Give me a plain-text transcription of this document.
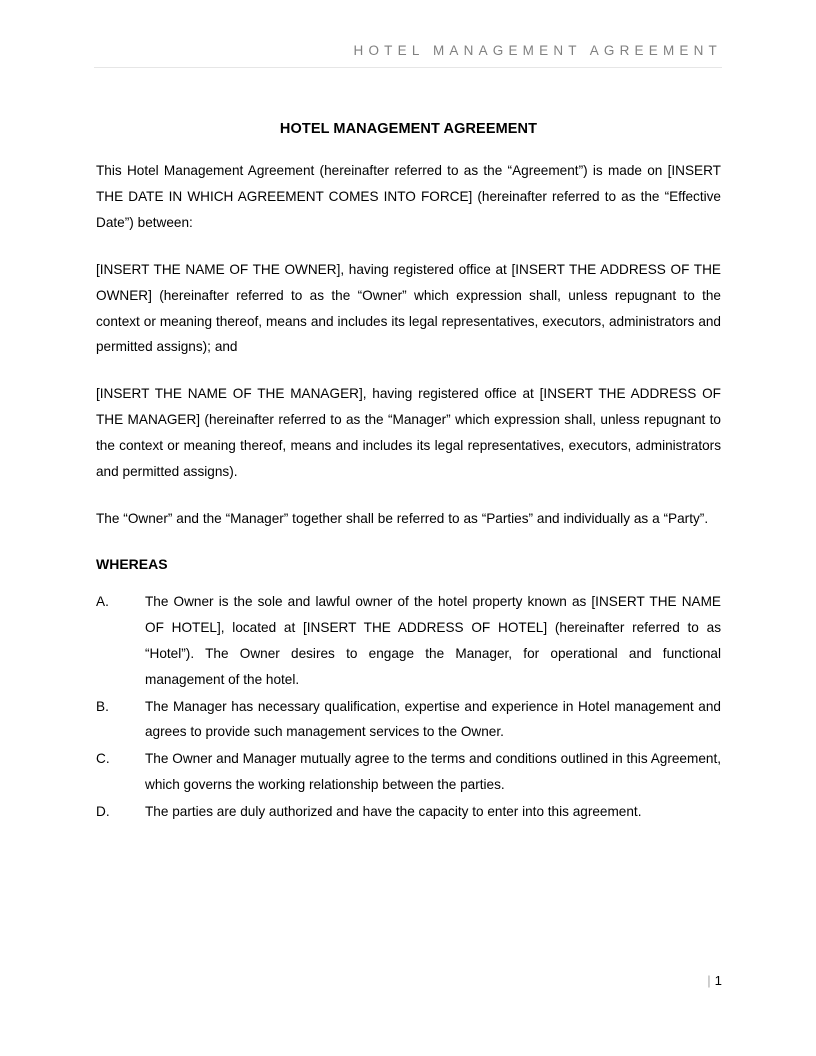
HOTEL MANAGEMENT AGREEMENT
HOTEL MANAGEMENT AGREEMENT

This Hotel Management Agreement (hereinafter referred to as the “Agreement”) is made on [INSERT THE DATE IN WHICH AGREEMENT COMES INTO FORCE] (hereinafter referred to as the “Effective Date”) between:

[INSERT THE NAME OF THE OWNER], having registered office at [INSERT THE ADDRESS OF THE OWNER] (hereinafter referred to as the “Owner” which expression shall, unless repugnant to the context or meaning thereof, means and includes its legal representatives, executors, administrators and permitted assigns); and

[INSERT THE NAME OF THE MANAGER], having registered office at [INSERT THE ADDRESS OF THE MANAGER] (hereinafter referred to as the “Manager” which expression shall, unless repugnant to the context or meaning thereof, means and includes its legal representatives, executors, administrators and permitted assigns).

The “Owner” and the “Manager” together shall be referred to as “Parties” and individually as a “Party”.

WHEREAS
A.	The Owner is the sole and lawful owner of the hotel property known as [INSERT THE NAME OF HOTEL], located at [INSERT THE ADDRESS OF HOTEL] (hereinafter referred to as “Hotel”). The Owner desires to engage the Manager, for operational and functional management of the hotel.
B.	The Manager has necessary qualification, expertise and experience in Hotel management and agrees to provide such management services to the Owner.
C.	The Owner and Manager mutually agree to the terms and conditions outlined in this Agreement, which governs the working relationship between the parties.
D.	The parties are duly authorized and have the capacity to enter into this agreement.
| 1
